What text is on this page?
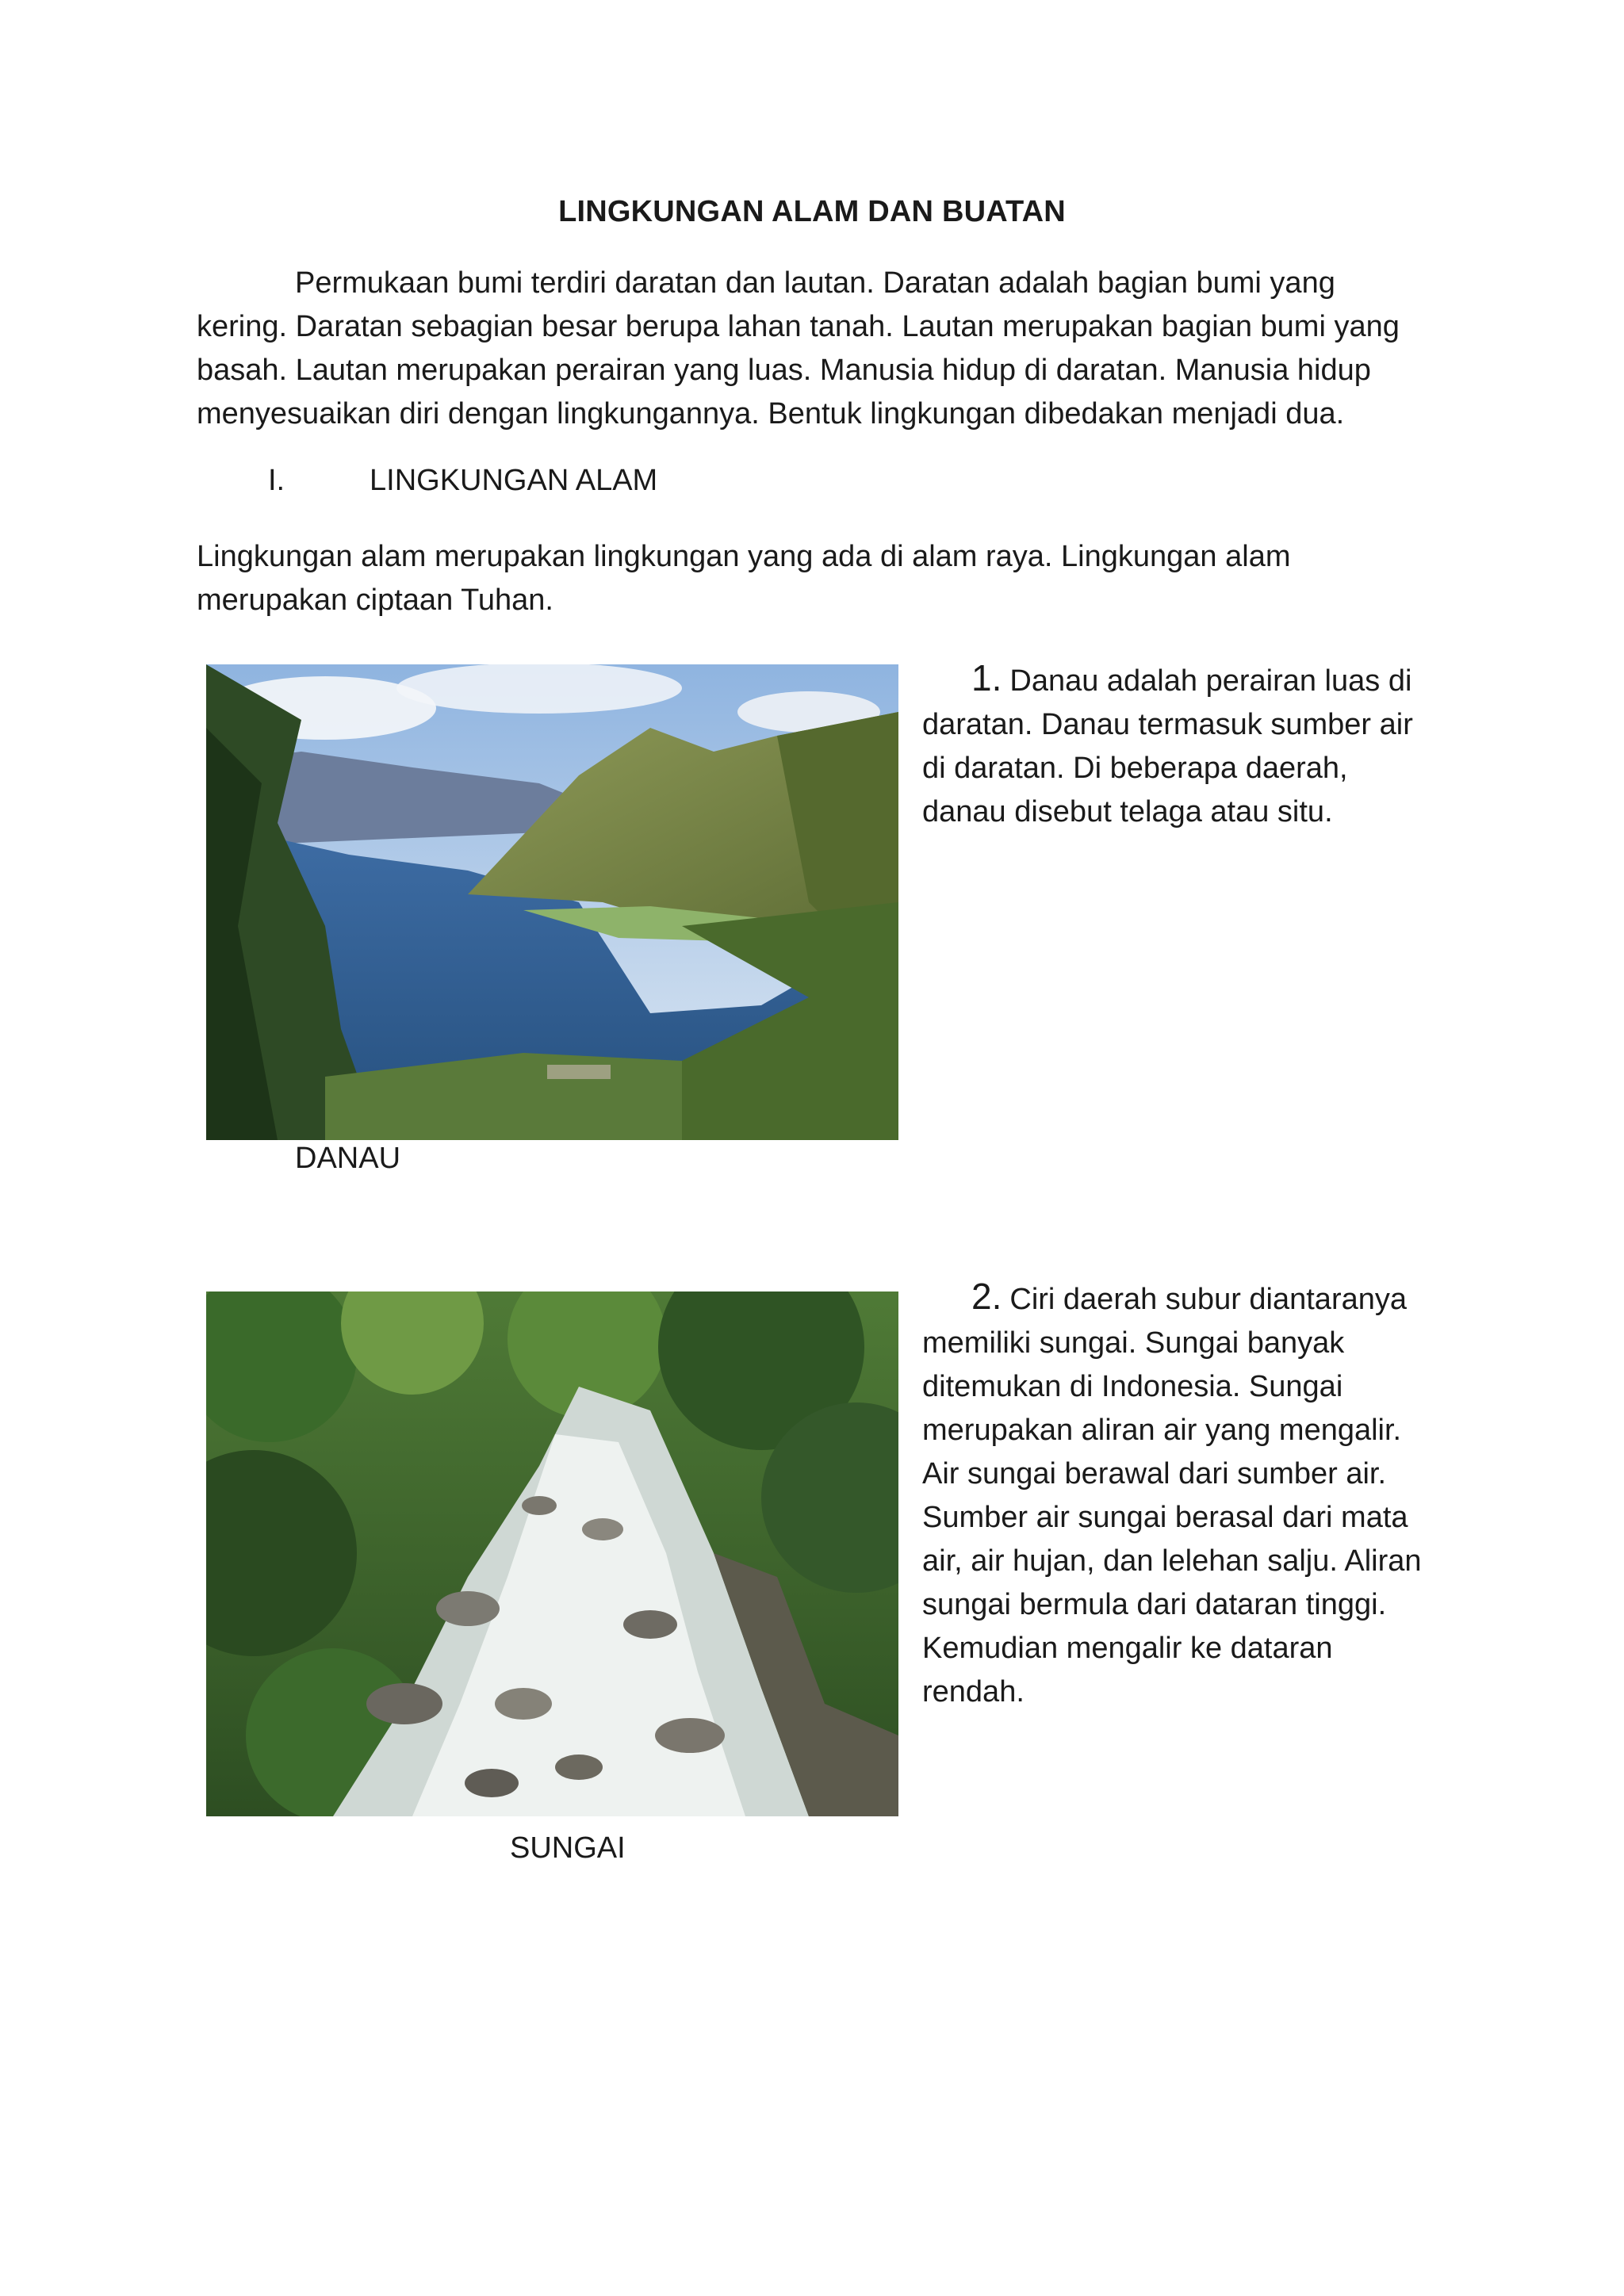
LINGKUNGAN ALAM DAN BUATAN
Permukaan bumi terdiri daratan dan lautan. Daratan adalah bagian bumi yang kering. Daratan sebagian besar berupa lahan tanah. Lautan merupakan bagian bumi yang basah. Lautan merupakan perairan yang luas. Manusia hidup di daratan. Manusia hidup menyesuaikan diri dengan lingkungannya. Bentuk lingkungan dibedakan menjadi dua.
I.	LINGKUNGAN ALAM
Lingkungan alam merupakan lingkungan yang ada di alam raya. Lingkungan alam merupakan ciptaan Tuhan.
1. Danau adalah perairan luas di daratan. Danau termasuk sumber air di daratan. Di beberapa daerah, danau disebut telaga atau situ.
DANAU
2. Ciri daerah subur diantaranya memiliki sungai. Sungai banyak ditemukan di Indonesia. Sungai merupakan aliran air yang mengalir. Air sungai berawal dari sumber air. Sumber air sungai berasal dari mata air, air hujan, dan lelehan salju. Aliran sungai bermula dari dataran tinggi. Kemudian mengalir ke dataran rendah.
SUNGAI
